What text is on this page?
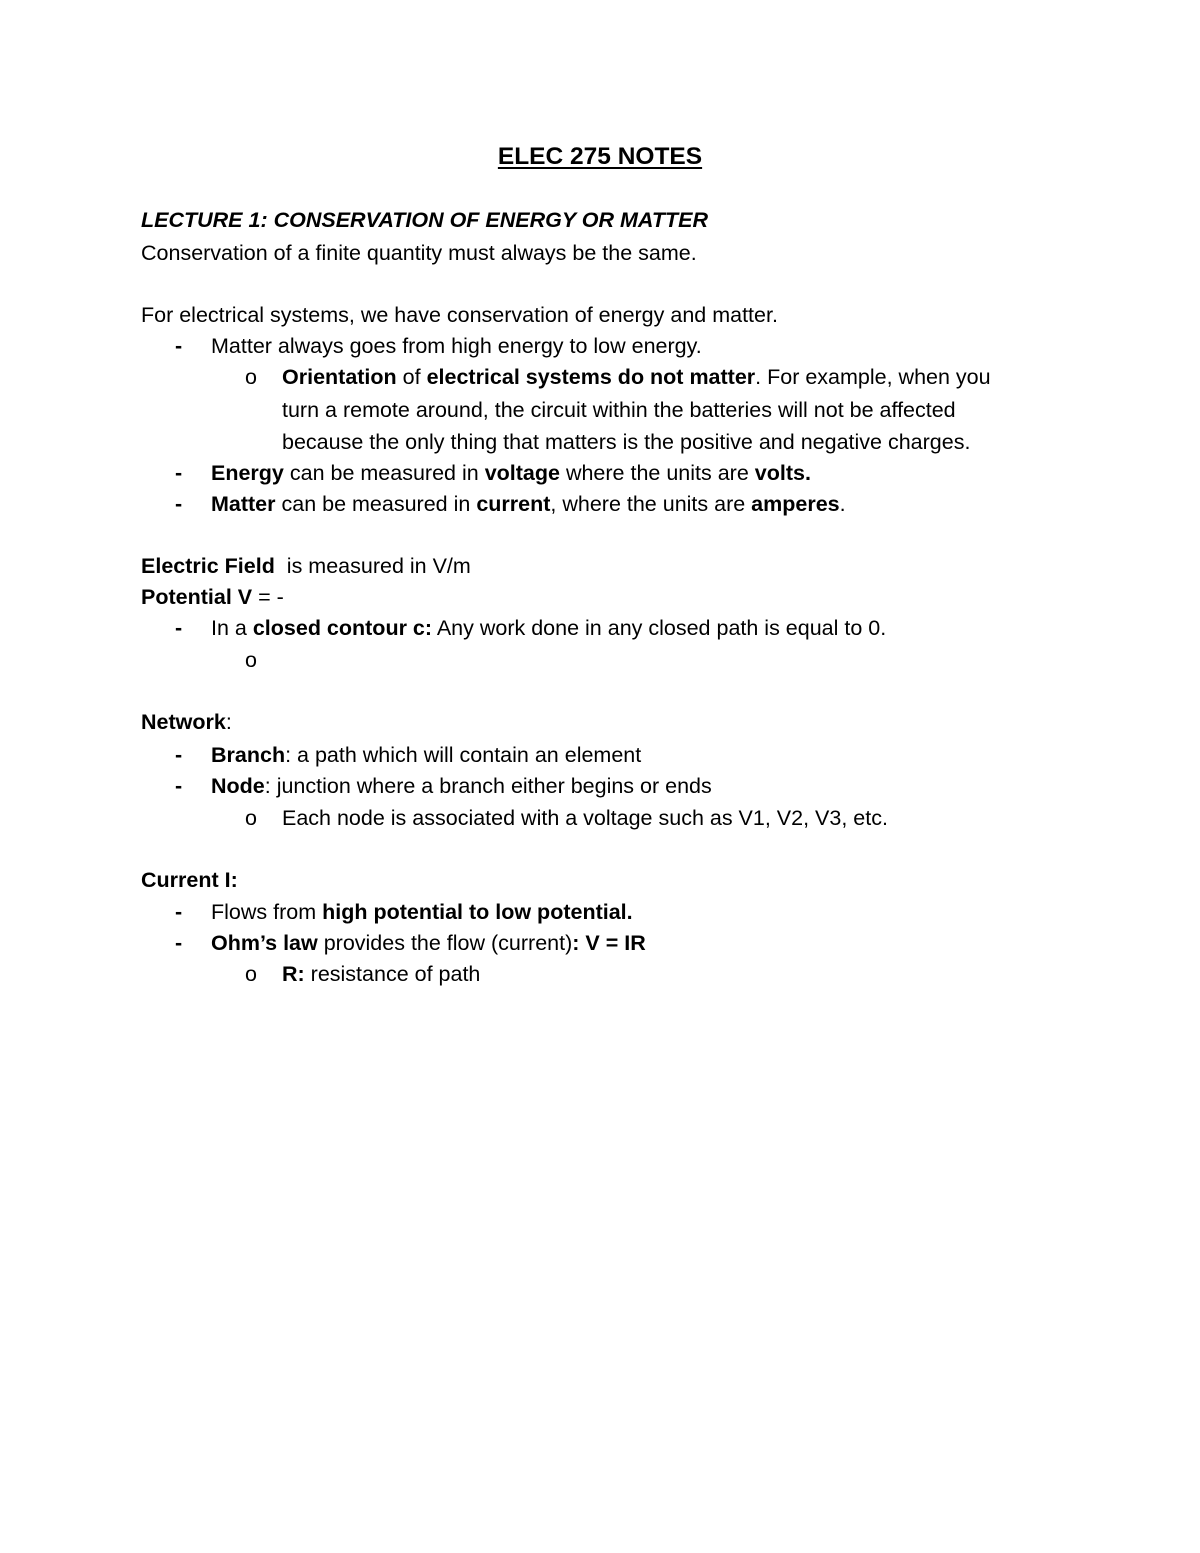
ELEC 275 NOTES
LECTURE 1: CONSERVATION OF ENERGY OR MATTER
Conservation of a finite quantity must always be the same.
For electrical systems, we have conservation of energy and matter.
- Matter always goes from high energy to low energy.
o Orientation of electrical systems do not matter. For example, when you
turn a remote around, the circuit within the batteries will not be affected
because the only thing that matters is the positive and negative charges.
- Energy can be measured in voltage where the units are volts.
- Matter can be measured in current, where the units are amperes.
Electric Field  is measured in V/m
Potential V = -
- In a closed contour c: Any work done in any closed path is equal to 0.
o
Network:
- Branch: a path which will contain an element
- Node: junction where a branch either begins or ends
o Each node is associated with a voltage such as V1, V2, V3, etc.
Current I:
- Flows from high potential to low potential.
- Ohm’s law provides the flow (current): V = IR
o R: resistance of path
